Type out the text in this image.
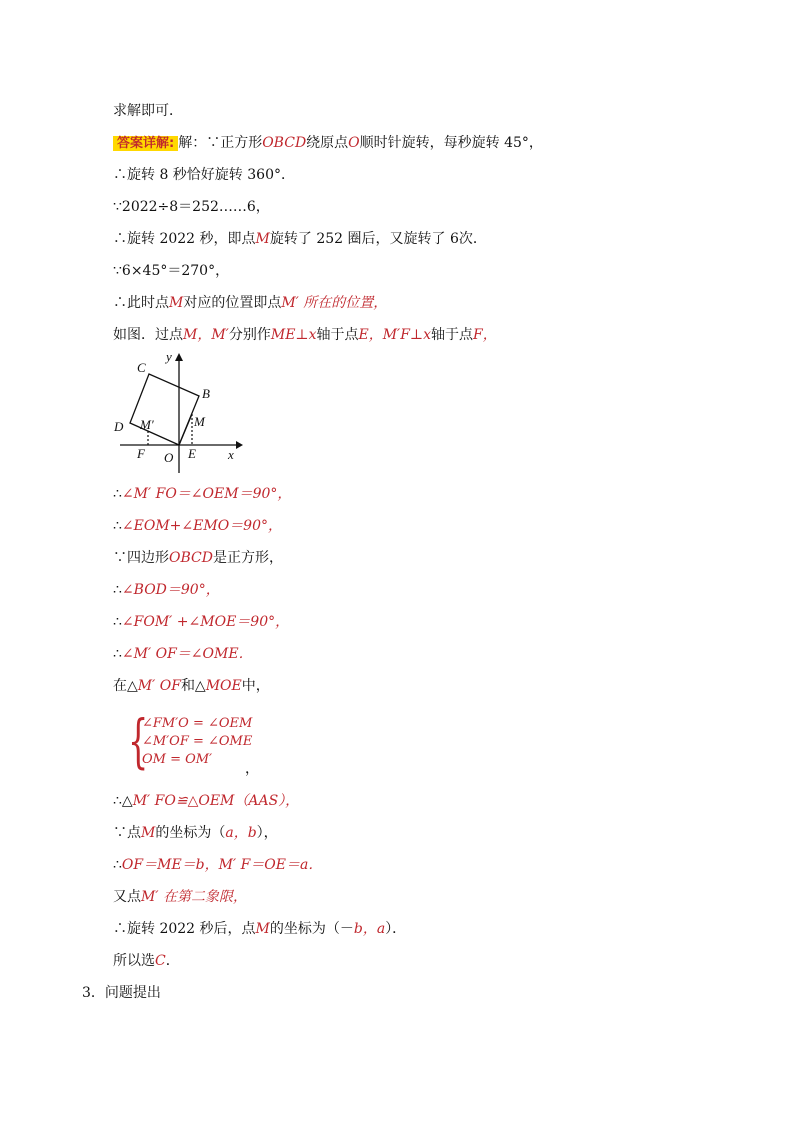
求解即可．
答案详解: 解：∵正方形OBCD绕原点O顺时针旋转，每秒旋转 45°，
∴旋转 8 秒恰好旋转 360°．
∵2022÷8＝252……6，
∴旋转 2022 秒，即点M旋转了 252 圈后，又旋转了 6次．
∵6×45°＝270°，
∴此时点M对应的位置即点M′ 所在的位置，
如图．过点M，M′分别作ME⊥x轴于点E，M′F⊥x轴于点F，
C
B
D M′	M
F O E x
y
∴∠M′ FO＝∠OEM＝90°，
∴∠EOM+∠EMO＝90°，
∵四边形OBCD是正方形，
∴∠BOD＝90°，
∴∠FOM′ +∠MOE＝90°，
∴∠M′ OF＝∠OME．
在△M′ OF和△MOE中，
{
∠FM′O = ∠OEM
∠M′OF = ∠OME
OM = OM′
，
∴△M′ FO≌△OEM（AAS），
∵点M的坐标为（a，b），
∴OF＝ME＝b，M′ F＝OE＝a．
又点M′ 在第二象限，
∴旋转 2022 秒后，点M的坐标为（－b，a）．
所以选C．
3．问题提出
